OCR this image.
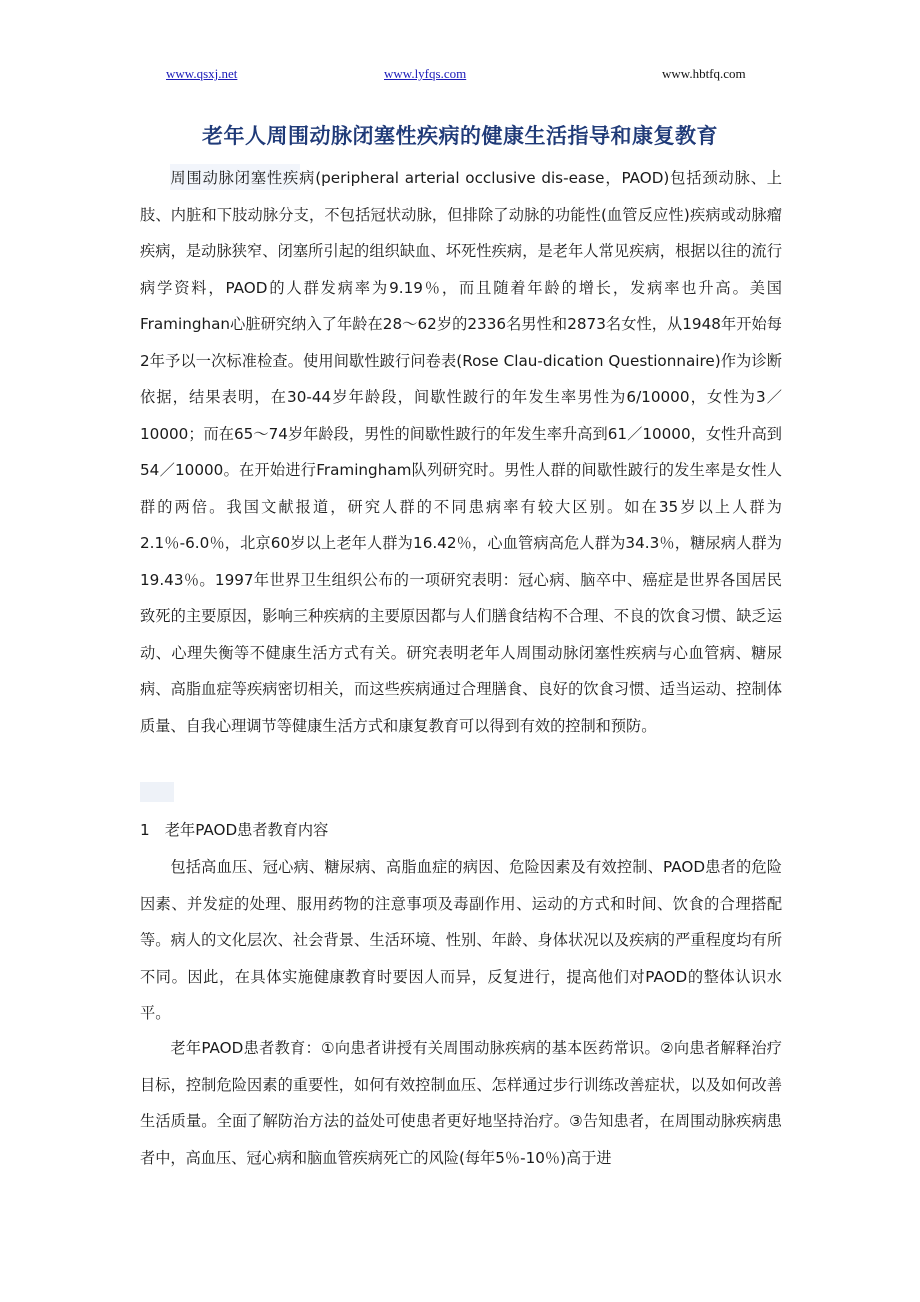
www.qsxj.net	www.lyfqs.com	www.hbtfq.com
老年人周围动脉闭塞性疾病的健康生活指导和康复教育

周围动脉闭塞性疾病(peripheral arterial occlusive dis-ease，PAOD)包括颈动脉、上肢、内脏和下肢动脉分支，不包括冠状动脉，但排除了动脉的功能性(血管反应性)疾病或动脉瘤疾病，是动脉狭窄、闭塞所引起的组织缺血、坏死性疾病，是老年人常见疾病，根据以往的流行病学资料，PAOD的人群发病率为9.19％，而且随着年龄的增长，发病率也升高。美国Framinghan心脏研究纳入了年龄在28～62岁的2336名男性和2873名女性，从1948年开始每2年予以一次标准检查。使用间歇性跛行问卷表(Rose Clau-dication Questionnaire)作为诊断依据，结果表明，在30-44岁年龄段，间歇性跛行的年发生率男性为6/10000，女性为3／10000；而在65～74岁年龄段，男性的间歇性跛行的年发生率升高到61／10000，女性升高到54／10000。在开始进行Framingham队列研究时。男性人群的间歇性跛行的发生率是女性人群的两倍。我国文献报道，研究人群的不同患病率有较大区别。如在35岁以上人群为2.1％-6.0％，北京60岁以上老年人群为16.42％，心血管病高危人群为34.3％，糖尿病人群为19.43％。1997年世界卫生组织公布的一项研究表明：冠心病、脑卒中、癌症是世界各国居民致死的主要原因，影响三种疾病的主要原因都与人们膳食结构不合理、不良的饮食习惯、缺乏运动、心理失衡等不健康生活方式有关。研究表明老年人周围动脉闭塞性疾病与心血管病、糖尿病、高脂血症等疾病密切相关，而这些疾病通过合理膳食、良好的饮食习惯、适当运动、控制体质量、自我心理调节等健康生活方式和康复教育可以得到有效的控制和预防。

1　老年PAOD患者教育内容

包括高血压、冠心病、糖尿病、高脂血症的病因、危险因素及有效控制、PAOD患者的危险因素、并发症的处理、服用药物的注意事项及毒副作用、运动的方式和时间、饮食的合理搭配等。病人的文化层次、社会背景、生活环境、性别、年龄、身体状况以及疾病的严重程度均有所不同。因此，在具体实施健康教育时要因人而异，反复进行，提高他们对PAOD的整体认识水平。

老年PAOD患者教育：①向患者讲授有关周围动脉疾病的基本医药常识。②向患者解释治疗目标，控制危险因素的重要性，如何有效控制血压、怎样通过步行训练改善症状，以及如何改善生活质量。全面了解防治方法的益处可使患者更好地坚持治疗。③告知患者，在周围动脉疾病患者中，高血压、冠心病和脑血管疾病死亡的风险(每年5％-10％)高于进
